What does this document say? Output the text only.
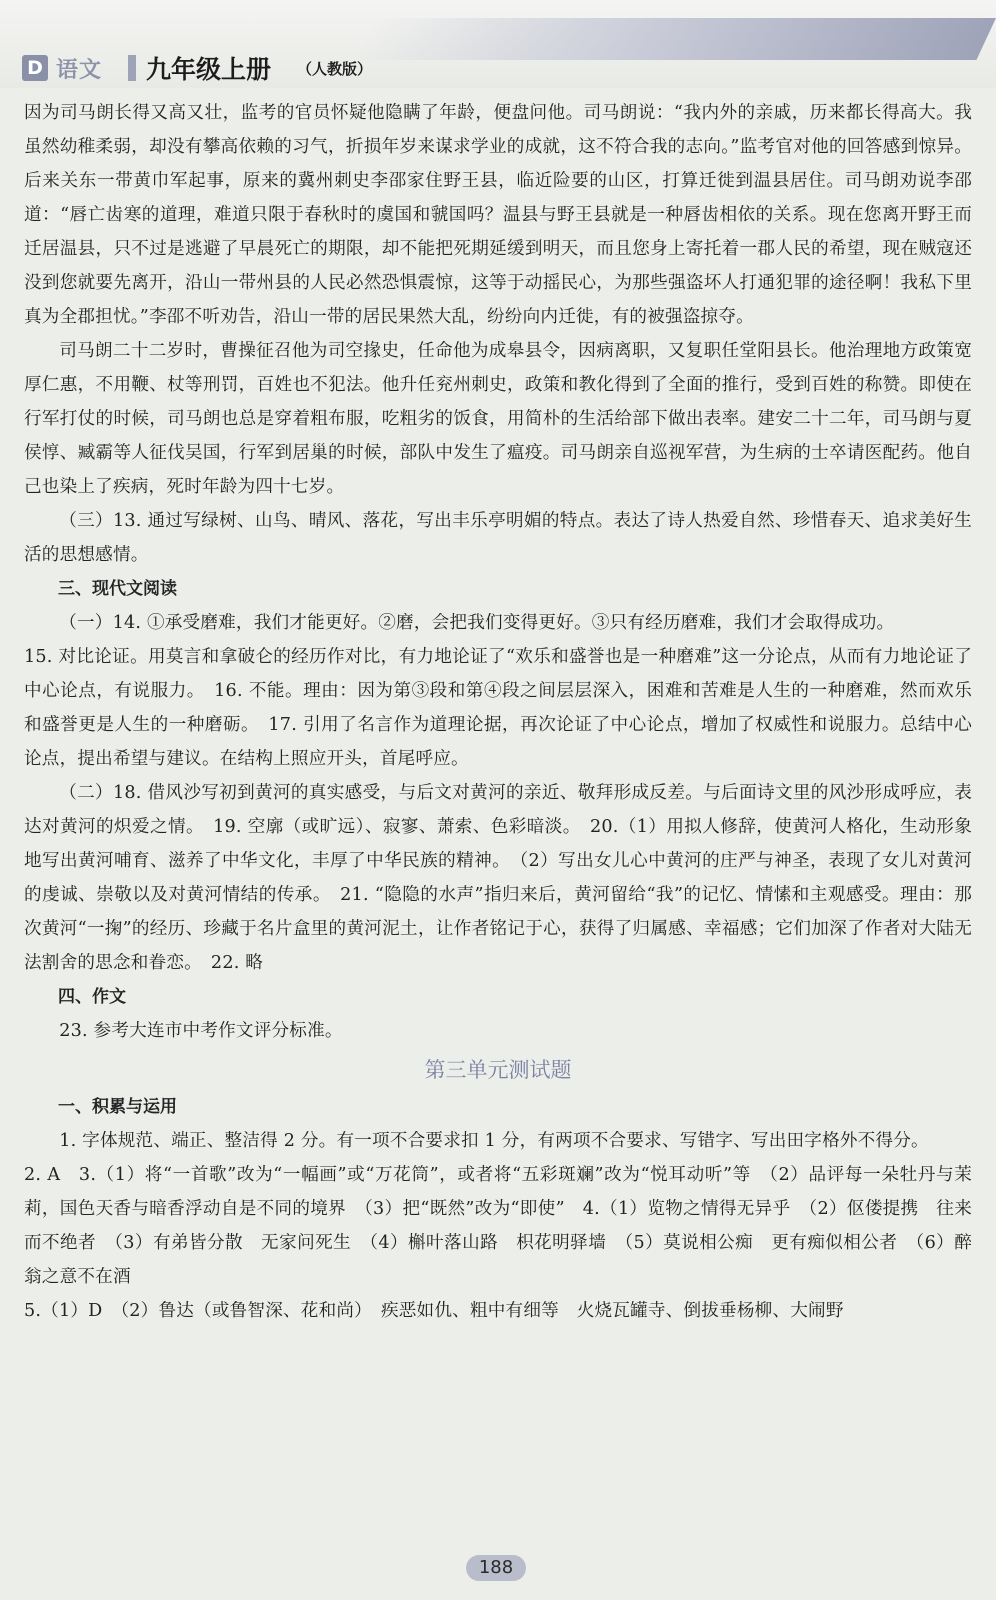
D 语文 九年级上册 （人教版）

因为司马朗长得又高又壮，监考的官员怀疑他隐瞒了年龄，便盘问他。司马朗说：“我内外的亲戚，历来都长得高大。我虽然幼稚柔弱，却没有攀高依赖的习气，折损年岁来谋求学业的成就，这不符合我的志向。”监考官对他的回答感到惊异。后来关东一带黄巾军起事，原来的冀州刺史李邵家住野王县，临近险要的山区，打算迁徙到温县居住。司马朗劝说李邵道：“唇亡齿寒的道理，难道只限于春秋时的虞国和虢国吗？温县与野王县就是一种唇齿相依的关系。现在您离开野王而迁居温县，只不过是逃避了早晨死亡的期限，却不能把死期延缓到明天，而且您身上寄托着一郡人民的希望，现在贼寇还没到您就要先离开，沿山一带州县的人民必然恐惧震惊，这等于动摇民心，为那些强盗坏人打通犯罪的途径啊！我私下里真为全郡担忧。”李邵不听劝告，沿山一带的居民果然大乱，纷纷向内迁徙，有的被强盗掠夺。

司马朗二十二岁时，曹操征召他为司空掾史，任命他为成皋县令，因病离职，又复职任堂阳县长。他治理地方政策宽厚仁惠，不用鞭、杖等刑罚，百姓也不犯法。他升任兖州刺史，政策和教化得到了全面的推行，受到百姓的称赞。即使在行军打仗的时候，司马朗也总是穿着粗布服，吃粗劣的饭食，用简朴的生活给部下做出表率。建安二十二年，司马朗与夏侯惇、臧霸等人征伐吴国，行军到居巢的时候，部队中发生了瘟疫。司马朗亲自巡视军营，为生病的士卒请医配药。他自己也染上了疾病，死时年龄为四十七岁。

（三）13. 通过写绿树、山鸟、晴风、落花，写出丰乐亭明媚的特点。表达了诗人热爱自然、珍惜春天、追求美好生活的思想感情。

三、现代文阅读

（一）14. ①承受磨难，我们才能更好。②磨，会把我们变得更好。③只有经历磨难，我们才会取得成功。

15. 对比论证。用莫言和拿破仑的经历作对比，有力地论证了“欢乐和盛誉也是一种磨难”这一分论点，从而有力地论证了中心论点，有说服力。　16. 不能。理由：因为第③段和第④段之间层层深入，困难和苦难是人生的一种磨难，然而欢乐和盛誉更是人生的一种磨砺。　17. 引用了名言作为道理论据，再次论证了中心论点，增加了权威性和说服力。总结中心论点，提出希望与建议。在结构上照应开头，首尾呼应。

（二）18. 借风沙写初到黄河的真实感受，与后文对黄河的亲近、敬拜形成反差。与后面诗文里的风沙形成呼应，表达对黄河的炽爱之情。　19. 空廓（或旷远）、寂寥、萧索、色彩暗淡。　20.（1）用拟人修辞，使黄河人格化，生动形象地写出黄河哺育、滋养了中华文化，丰厚了中华民族的精神。　（2）写出女儿心中黄河的庄严与神圣，表现了女儿对黄河的虔诚、崇敬以及对黄河情结的传承。　21. “隐隐的水声”指归来后，黄河留给“我”的记忆、情愫和主观感受。理由：那次黄河“一掬”的经历、珍藏于名片盒里的黄河泥土，让作者铭记于心，获得了归属感、幸福感；它们加深了作者对大陆无法割舍的思念和眷恋。　22. 略

四、作文

23. 参考大连市中考作文评分标准。

第三单元测试题

一、积累与运用

1. 字体规范、端正、整洁得 2 分。有一项不合要求扣 1 分，有两项不合要求、写错字、写出田字格外不得分。

2. A　3.（1）将“一首歌”改为“一幅画”或“万花筒”，或者将“五彩斑斓”改为“悦耳动听”等　（2）品评每一朵牡丹与茉莉，国色天香与暗香浮动自是不同的境界　（3）把“既然”改为“即使”　4.（1）览物之情得无异乎　（2）伛偻提携　往来而不绝者　（3）有弟皆分散　无家问死生　（4）槲叶落山路　枳花明驿墙　（5）莫说相公痴　更有痴似相公者　（6）醉翁之意不在酒

5.（1）D　（2）鲁达（或鲁智深、花和尚）　疾恶如仇、粗中有细等　火烧瓦罐寺、倒拔垂杨柳、大闹野

188
